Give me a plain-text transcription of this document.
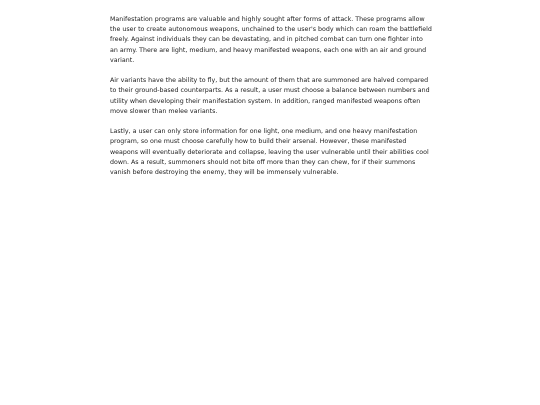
Manifestation programs are valuable and highly sought after forms of attack. These programs allow the user to create autonomous weapons, unchained to the user's body which can roam the battlefield freely. Against individuals they can be devastating, and in pitched combat can turn one fighter into an army. There are light, medium, and heavy manifested weapons, each one with an air and ground variant.

Air variants have the ability to fly, but the amount of them that are summoned are halved compared to their ground-based counterparts. As a result, a user must choose a balance between numbers and utility when developing their manifestation system. In addition, ranged manifested weapons often move slower than melee variants.

Lastly, a user can only store information for one light, one medium, and one heavy manifestation program, so one must choose carefully how to build their arsenal. However, these manifested weapons will eventually deteriorate and collapse, leaving the user vulnerable until their abilities cool down. As a result, summoners should not bite off more than they can chew, for if their summons vanish before destroying the enemy, they will be immensely vulnerable.
